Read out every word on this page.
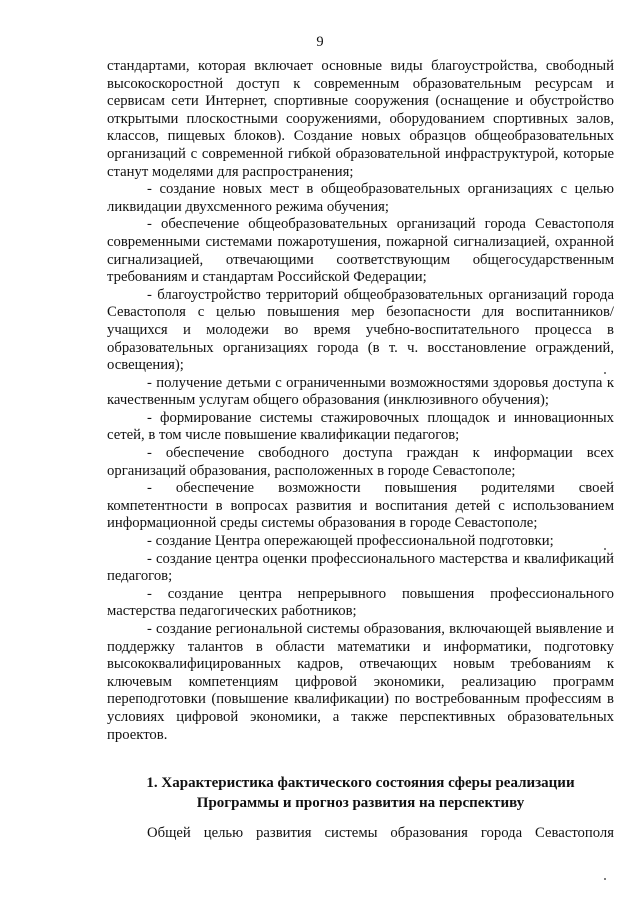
9

стандартами, которая включает основные виды благоустройства, свободный высокоскоростной доступ к современным образовательным ресурсам и сервисам сети Интернет, спортивные сооружения (оснащение и обустройство открытыми плоскостными сооружениями, оборудованием спортивных залов, классов, пищевых блоков). Создание новых образцов общеобразовательных организаций с современной гибкой образовательной инфраструктурой, которые станут моделями для распространения;

- создание новых мест в общеобразовательных организациях с целью ликвидации двухсменного режима обучения;

- обеспечение общеобразовательных организаций города Севастополя современными системами пожаротушения, пожарной сигнализацией, охранной сигнализацией, отвечающими соответствующим общегосударственным требованиям и стандартам Российской Федерации;

- благоустройство территорий общеобразовательных организаций города Севастополя с целью повышения мер безопасности для воспитанников/учащихся и молодежи во время учебно-воспитательного процесса в образовательных организациях города (в т. ч. восстановление ограждений, освещения);

- получение детьми с ограниченными возможностями здоровья доступа к качественным услугам общего образования (инклюзивного обучения);

- формирование системы стажировочных площадок и инновационных сетей, в том числе повышение квалификации педагогов;

- обеспечение свободного доступа граждан к информации всех организаций образования, расположенных в городе Севастополе;

- обеспечение возможности повышения родителями своей компетентности в вопросах развития и воспитания детей с использованием информационной среды системы образования в городе Севастополе;

- создание Центра опережающей профессиональной подготовки;

- создание центра оценки профессионального мастерства и квалификаций педагогов;

- создание центра непрерывного повышения профессионального мастерства педагогических работников;

- создание региональной системы образования, включающей выявление и поддержку талантов в области математики и информатики, подготовку высококвалифицированных кадров, отвечающих новым требованиям к ключевым компетенциям цифровой экономики, реализацию программ переподготовки (повышение квалификации) по востребованным профессиям в условиях цифровой экономики, а также перспективных образовательных проектов.

1. Характеристика фактического состояния сферы реализации
Программы и прогноз развития на перспективу
Общей целью развития системы образования города Севастополя
